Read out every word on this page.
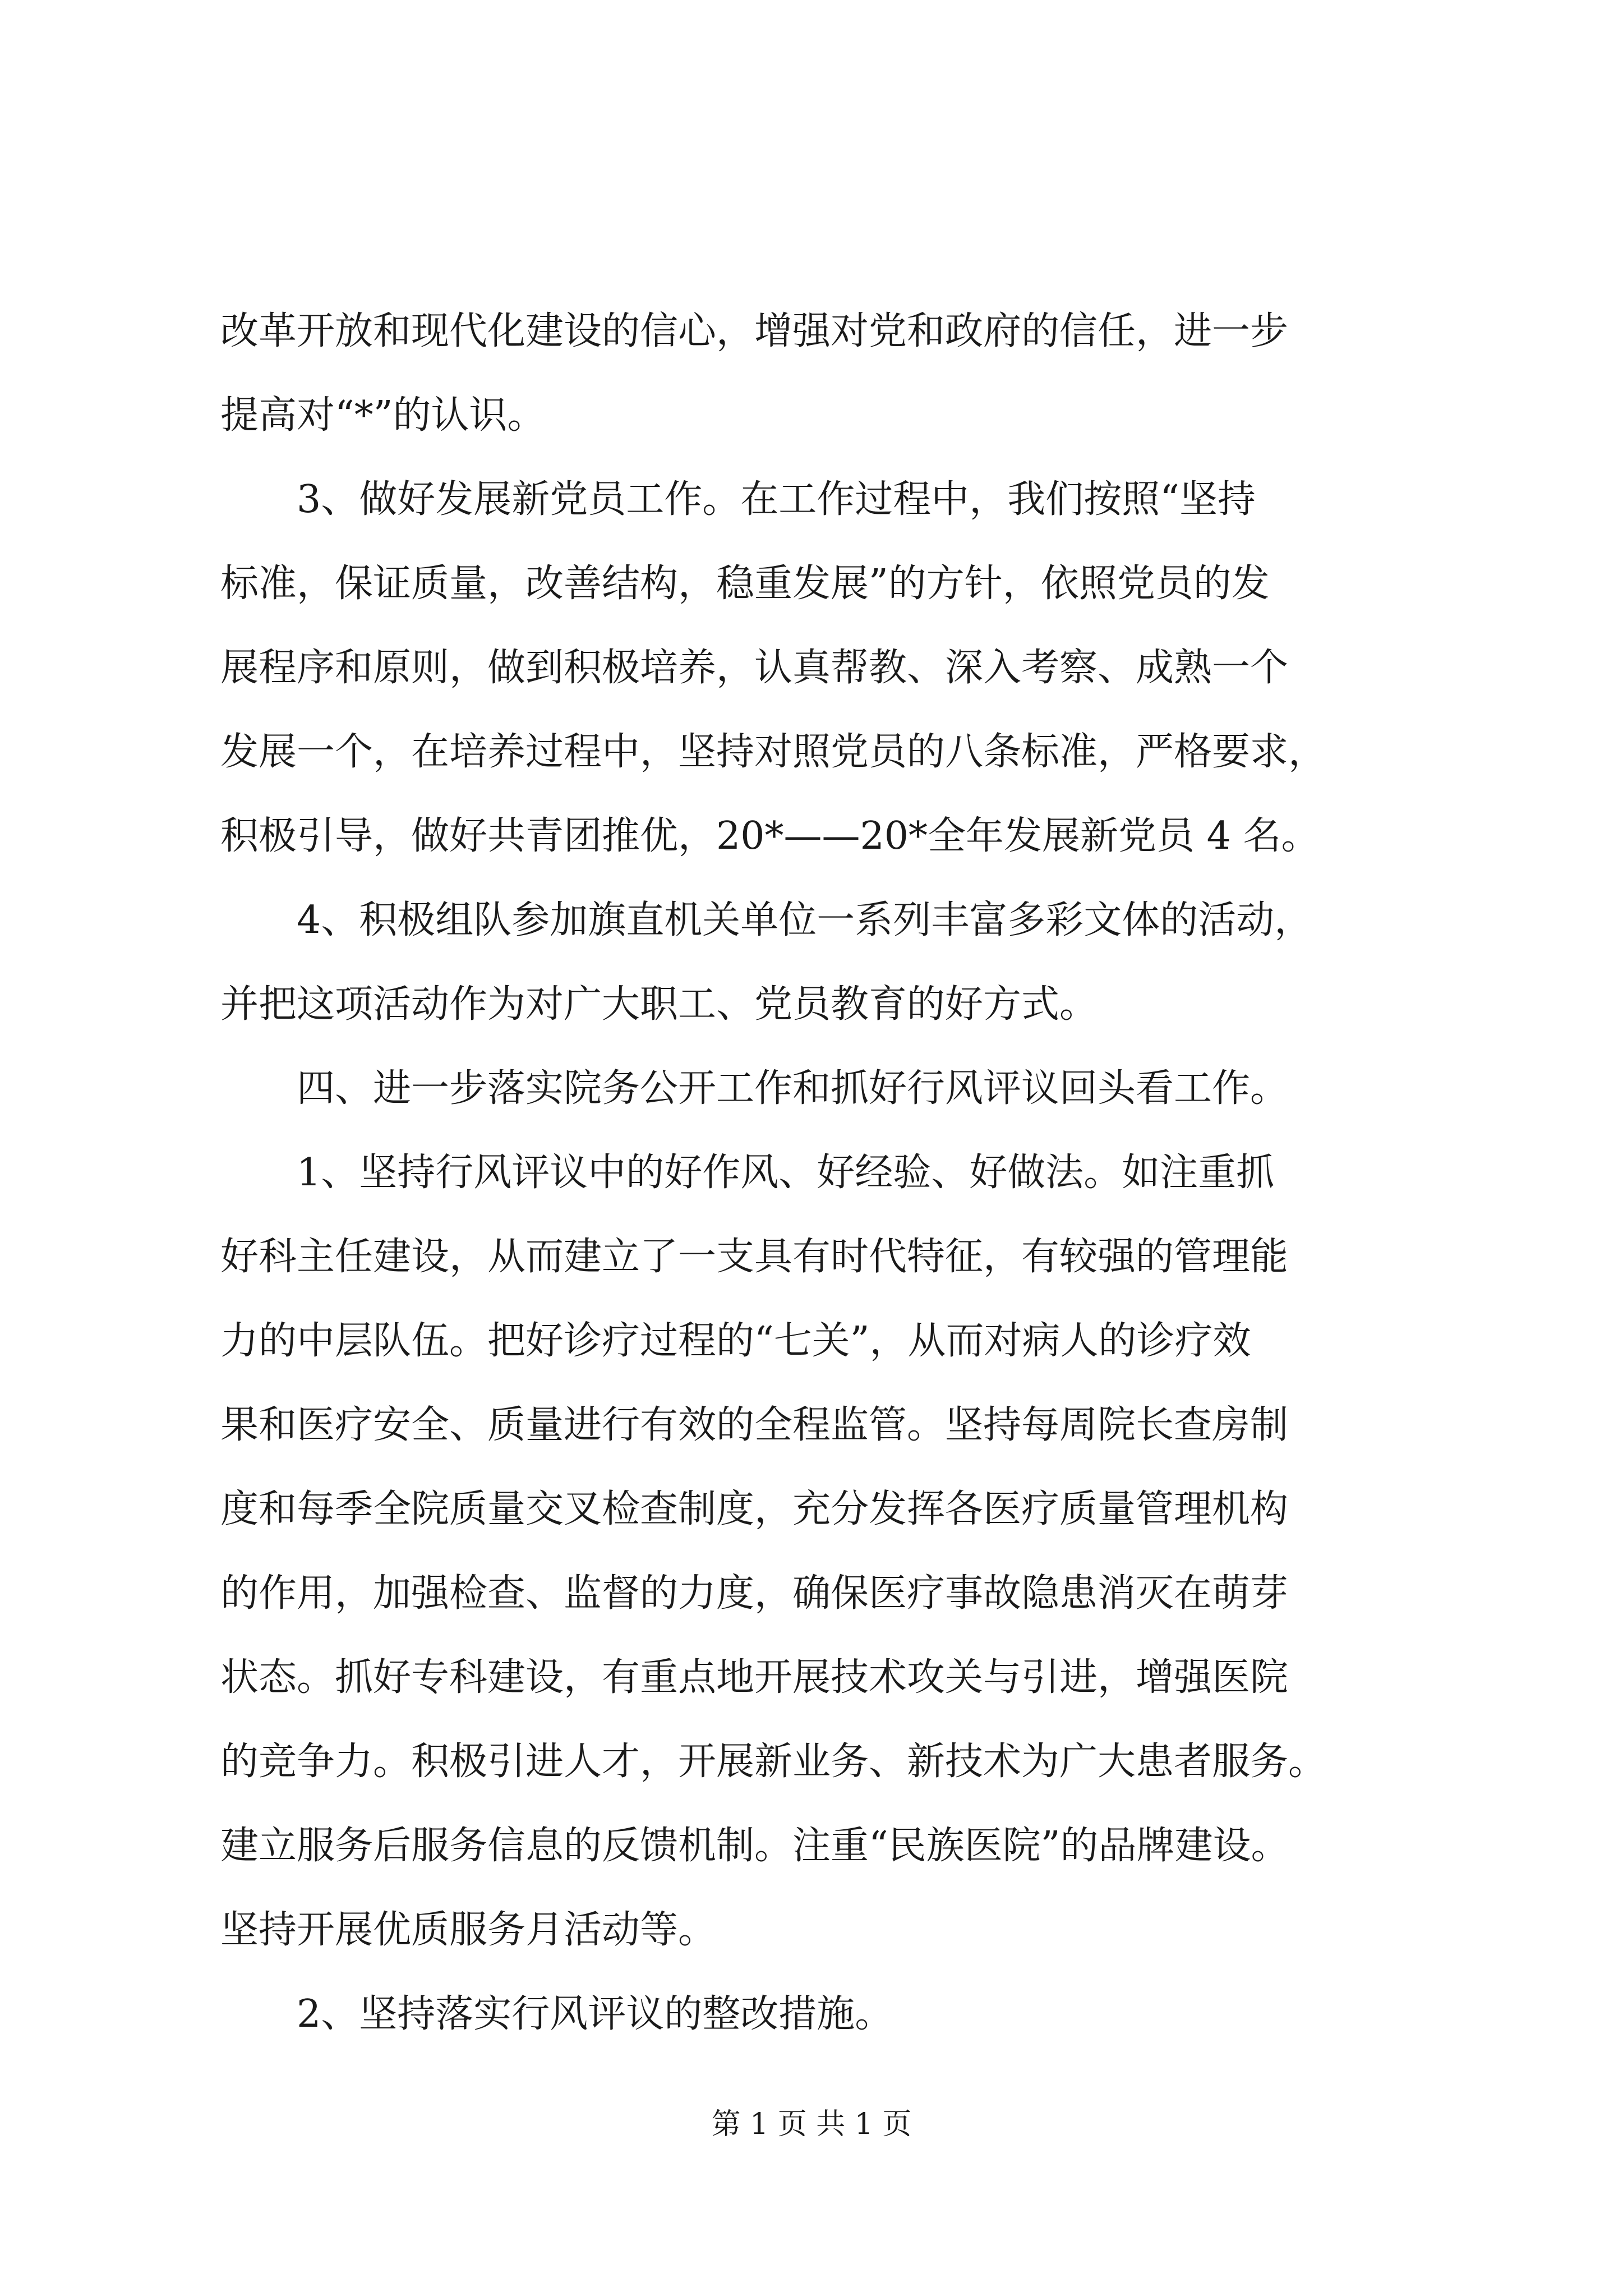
改革开放和现代化建设的信心，增强对党和政府的信任，进一步
提高对“*”的认识。
　　3、做好发展新党员工作。在工作过程中，我们按照“坚持
标准，保证质量，改善结构，稳重发展”的方针，依照党员的发
展程序和原则，做到积极培养，认真帮教、深入考察、成熟一个
发展一个，在培养过程中，坚持对照党员的八条标准，严格要求，
积极引导，做好共青团推优，20*——20*全年发展新党员 4 名。
　　4、积极组队参加旗直机关单位一系列丰富多彩文体的活动，
并把这项活动作为对广大职工、党员教育的好方式。
　　四、进一步落实院务公开工作和抓好行风评议回头看工作。
　　1、坚持行风评议中的好作风、好经验、好做法。如注重抓
好科主任建设，从而建立了一支具有时代特征，有较强的管理能
力的中层队伍。把好诊疗过程的“七关”，从而对病人的诊疗效
果和医疗安全、质量进行有效的全程监管。坚持每周院长查房制
度和每季全院质量交叉检查制度，充分发挥各医疗质量管理机构
的作用，加强检查、监督的力度，确保医疗事故隐患消灭在萌芽
状态。抓好专科建设，有重点地开展技术攻关与引进，增强医院
的竞争力。积极引进人才，开展新业务、新技术为广大患者服务。
建立服务后服务信息的反馈机制。注重“民族医院”的品牌建设。
坚持开展优质服务月活动等。
　　2、坚持落实行风评议的整改措施。
第 1 页 共 1 页
